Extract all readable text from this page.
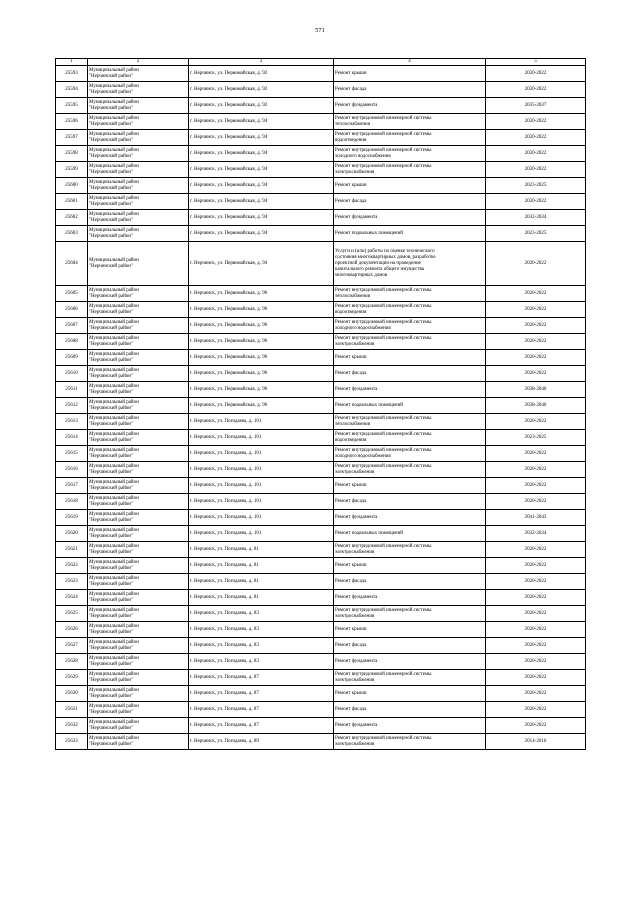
571
1	2	3	4	5
25593	Муниципальный район
"Нерчинский район"	г. Нерчинск, ул. Первомайская, д. 92	Ремонт крыши	2020-2022
25594	Муниципальный район
"Нерчинский район"	г. Нерчинск, ул. Первомайская, д. 92	Ремонт фасада	2020-2022
25595	Муниципальный район
"Нерчинский район"	г. Нерчинск, ул. Первомайская, д. 92	Ремонт фундамента	2035-2037
25596	Муниципальный район
"Нерчинский район"	г. Нерчинск, ул. Первомайская, д. 94	Ремонт внутридомовой инженерной системы
теплоснабжения	2020-2022
25597	Муниципальный район
"Нерчинский район"	г. Нерчинск, ул. Первомайская, д. 94	Ремонт внутридомовой инженерной системы
водоотведения	2020-2022
25598	Муниципальный район
"Нерчинский район"	г. Нерчинск, ул. Первомайская, д. 94	Ремонт внутридомовой инженерной системы
холодного водоснабжения	2020-2022
25599	Муниципальный район
"Нерчинский район"	г. Нерчинск, ул. Первомайская, д. 94	Ремонт внутридомовой инженерной системы
электроснабжения	2020-2022
25600	Муниципальный район
"Нерчинский район"	г. Нерчинск, ул. Первомайская, д. 94	Ремонт крыши	2023-2025
25601	Муниципальный район
"Нерчинский район"	г. Нерчинск, ул. Первомайская, д. 94	Ремонт фасада	2020-2022
25602	Муниципальный район
"Нерчинский район"	г. Нерчинск, ул. Первомайская, д. 94	Ремонт фундамента	2032-2034
25603	Муниципальный район
"Нерчинский район"	г. Нерчинск, ул. Первомайская, д. 94	Ремонт подвальных помещений	2023-2025
25604	Муниципальный район
"Нерчинский район"	г. Нерчинск, ул. Первомайская, д. 94	Услуги и (или) работы по оценке технического
состояния многоквартирных домов, разработке
проектной документации на проведение
капитального ремонта общего имущества
многоквартирных домов	2020-2022
25605	Муниципальный район
"Нерчинский район"	г. Нерчинск, ул. Первомайская, д. 96	Ремонт внутридомовой инженерной системы
теплоснабжения	2020-2022
25606	Муниципальный район
"Нерчинский район"	г. Нерчинск, ул. Первомайская, д. 96	Ремонт внутридомовой инженерной системы
водоотведения	2020-2022
25607	Муниципальный район
"Нерчинский район"	г. Нерчинск, ул. Первомайская, д. 96	Ремонт внутридомовой инженерной системы
холодного водоснабжения	2020-2022
25608	Муниципальный район
"Нерчинский район"	г. Нерчинск, ул. Первомайская, д. 96	Ремонт внутридомовой инженерной системы
электроснабжения	2020-2022
25609	Муниципальный район
"Нерчинский район"	г. Нерчинск, ул. Первомайская, д. 96	Ремонт крыши	2020-2022
25610	Муниципальный район
"Нерчинский район"	г. Нерчинск, ул. Первомайская, д. 96	Ремонт фасада	2020-2022
25611	Муниципальный район
"Нерчинский район"	г. Нерчинск, ул. Первомайская, д. 96	Ремонт фундамента	2038-2040
25612	Муниципальный район
"Нерчинский район"	г. Нерчинск, ул. Первомайская, д. 96	Ремонт подвальных помещений	2038-2040
25613	Муниципальный район
"Нерчинский район"	г. Нерчинск, ул. Погодаева, д. 101	Ремонт внутридомовой инженерной системы
теплоснабжения	2020-2022
25614	Муниципальный район
"Нерчинский район"	г. Нерчинск, ул. Погодаева, д. 101	Ремонт внутридомовой инженерной системы
водоотведения	2023-2025
25615	Муниципальный район
"Нерчинский район"	г. Нерчинск, ул. Погодаева, д. 101	Ремонт внутридомовой инженерной системы
холодного водоснабжения	2020-2022
25616	Муниципальный район
"Нерчинский район"	г. Нерчинск, ул. Погодаева, д. 101	Ремонт внутридомовой инженерной системы
электроснабжения	2020-2022
25617	Муниципальный район
"Нерчинский район"	г. Нерчинск, ул. Погодаева, д. 101	Ремонт крыши	2020-2022
25618	Муниципальный район
"Нерчинский район"	г. Нерчинск, ул. Погодаева, д. 101	Ремонт фасада	2020-2022
25619	Муниципальный район
"Нерчинский район"	г. Нерчинск, ул. Погодаева, д. 101	Ремонт фундамента	2041-2043
25620	Муниципальный район
"Нерчинский район"	г. Нерчинск, ул. Погодаева, д. 101	Ремонт подвальных помещений	2032-2034
25621	Муниципальный район
"Нерчинский район"	г. Нерчинск, ул. Погодаева, д. 81	Ремонт внутридомовой инженерной системы
электроснабжения	2020-2022
25622	Муниципальный район
"Нерчинский район"	г. Нерчинск, ул. Погодаева, д. 81	Ремонт крыши	2020-2022
25623	Муниципальный район
"Нерчинский район"	г. Нерчинск, ул. Погодаева, д. 81	Ремонт фасада	2020-2022
25624	Муниципальный район
"Нерчинский район"	г. Нерчинск, ул. Погодаева, д. 81	Ремонт фундамента	2020-2022
25625	Муниципальный район
"Нерчинский район"	г. Нерчинск, ул. Погодаева, д. 83	Ремонт внутридомовой инженерной системы
электроснабжения	2020-2022
25626	Муниципальный район
"Нерчинский район"	г. Нерчинск, ул. Погодаева, д. 83	Ремонт крыши	2020-2022
25627	Муниципальный район
"Нерчинский район"	г. Нерчинск, ул. Погодаева, д. 83	Ремонт фасада	2020-2022
25628	Муниципальный район
"Нерчинский район"	г. Нерчинск, ул. Погодаева, д. 83	Ремонт фундамента	2020-2022
25629	Муниципальный район
"Нерчинский район"	г. Нерчинск, ул. Погодаева, д. 87	Ремонт внутридомовой инженерной системы
электроснабжения	2020-2022
25630	Муниципальный район
"Нерчинский район"	г. Нерчинск, ул. Погодаева, д. 87	Ремонт крыши	2020-2022
25631	Муниципальный район
"Нерчинский район"	г. Нерчинск, ул. Погодаева, д. 87	Ремонт фасада	2020-2022
25632	Муниципальный район
"Нерчинский район"	г. Нерчинск, ул. Погодаева, д. 87	Ремонт фундамента	2020-2022
25633	Муниципальный район
"Нерчинский район"	г. Нерчинск, ул. Погодаева, д. 89	Ремонт внутридомовой инженерной системы
электроснабжения	2014-2016
